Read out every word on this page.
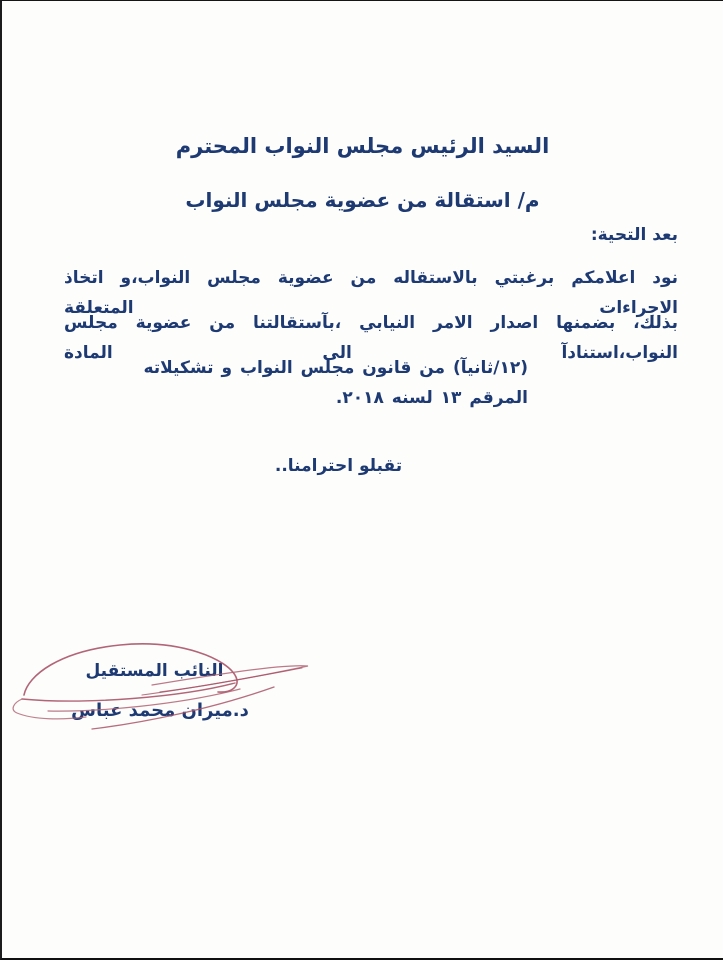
السيد الرئيس مجلس النواب المحترم
م/ استقالة من عضوية مجلس النواب
بعد التحية:
نود اعلامكم برغبتي بالاستقاله من عضوية مجلس النواب،و اتخاذ الاجراءات المتعلقة
بذلك، بضمنها اصدار الامر النيابي ،بآستقالتنا من عضوية مجلس النواب،استنادآ الى المادة
(١٢/ثانيآ) من قانون مجلس النواب و تشكيلاته المرقم ١٣ لسنه ٢٠١٨.
تقبلو احترامنا..
النائب المستقيل
د.ميران محمد عباس
